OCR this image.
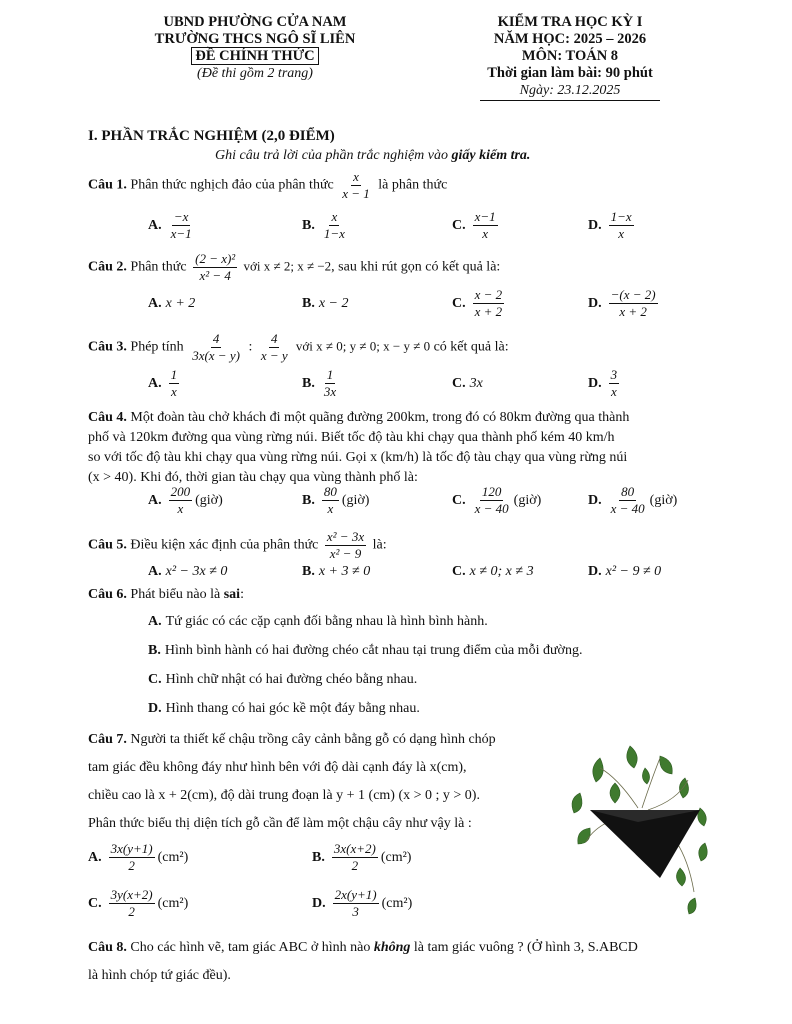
UBND PHƯỜNG CỬA NAM
TRƯỜNG THCS NGÔ SĨ LIÊN
ĐỀ CHÍNH THỨC
(Đề thi gồm 2 trang)
KIỂM TRA HỌC KỲ I
NĂM HỌC: 2025 – 2026
MÔN: TOÁN 8
Thời gian làm bài: 90 phút
Ngày: 23.12.2025
I. PHẦN TRẮC NGHIỆM (2,0 ĐIỂM)
Ghi câu trả lời của phần trắc nghiệm vào giấy kiểm tra.
Câu 1. Phân thức nghịch đảo của phân thức $\frac{x}{x - 1}$ là phân thức
A. $\frac{-x}{x-1}$	B. $\frac{x}{1-x}$	C. $\frac{x-1}{x}$	D. $\frac{1-x}{x}$
Câu 2. Phân thức $\frac{\text{(2 − x)²}}{\text{x² − 4}}$ với x ≠ 2; x ≠ −2, sau khi rút gọn có kết quả là:
A. x + 2	B. x − 2	C. $\frac{x - 2}{x + 2}$	D. $\frac{-(x - 2)}{x + 2}$
Câu 3. Phép tính $\frac{4}{3x(x - y)}$ : $\frac{4}{x - y}$ với x ≠ 0; y ≠ 0; x − y ≠ 0 có kết quả là:
A. $\frac{1}{x}$	B. $\frac{1}{3x}$	C. 3x	D. $\frac{3}{x}$
Câu 4. Một đoàn tàu chở khách đi một quãng đường 200km, trong đó có 80km đường qua thành
phố và 120km đường qua vùng rừng núi. Biết tốc độ tàu khi chạy qua thành phố kém 40 km/h
so với tốc độ tàu khi chạy qua vùng rừng núi. Gọi x (km/h) là tốc độ tàu chạy qua vùng rừng núi
(x > 40). Khi đó, thời gian tàu chạy qua vùng thành phố là:
A. $\frac{200}{x}$ (giờ)	B. $\frac{80}{x}$ (giờ)	C. $\frac{120}{x - 40}$ (giờ)	D. $\frac{80}{x - 40}$ (giờ)
Câu 5. Điều kiện xác định của phân thức $\frac{\text{x² − 3x}}{\text{x² − 9}}$ là:
A. x² − 3x ≠ 0	B. x + 3 ≠ 0	C. x ≠ 0; x ≠ 3	D. x² − 9 ≠ 0
Câu 6. Phát biểu nào là sai:
A. Tứ giác có các cặp cạnh đối bằng nhau là hình bình hành.
B. Hình bình hành có hai đường chéo cắt nhau tại trung điểm của mỗi đường.
C. Hình chữ nhật có hai đường chéo bằng nhau.
D. Hình thang có hai góc kề một đáy bằng nhau.
Câu 7. Người ta thiết kế chậu trồng cây cảnh bằng gỗ có dạng hình chóp
tam giác đều không đáy như hình bên với độ dài cạnh đáy là x(cm),
chiều cao là x + 2(cm), độ dài trung đoạn là y + 1 (cm) (x > 0 ; y > 0).
Phân thức biểu thị diện tích gỗ cần để làm một chậu cây như vậy là :
A. $\frac{3x(y+1)}{2} (cm^2)$	B. $\frac{3x(x+2)}{2} (cm^2)$
C. $\frac{3y(x+2)}{2} (cm^2)$	D. $\frac{2x(y+1)}{3} (cm^2)$
Câu 8. Cho các hình vẽ, tam giác ABC ở hình nào không là tam giác vuông ? (Ở hình 3, S.ABCD
là hình chóp tứ giác đều).
